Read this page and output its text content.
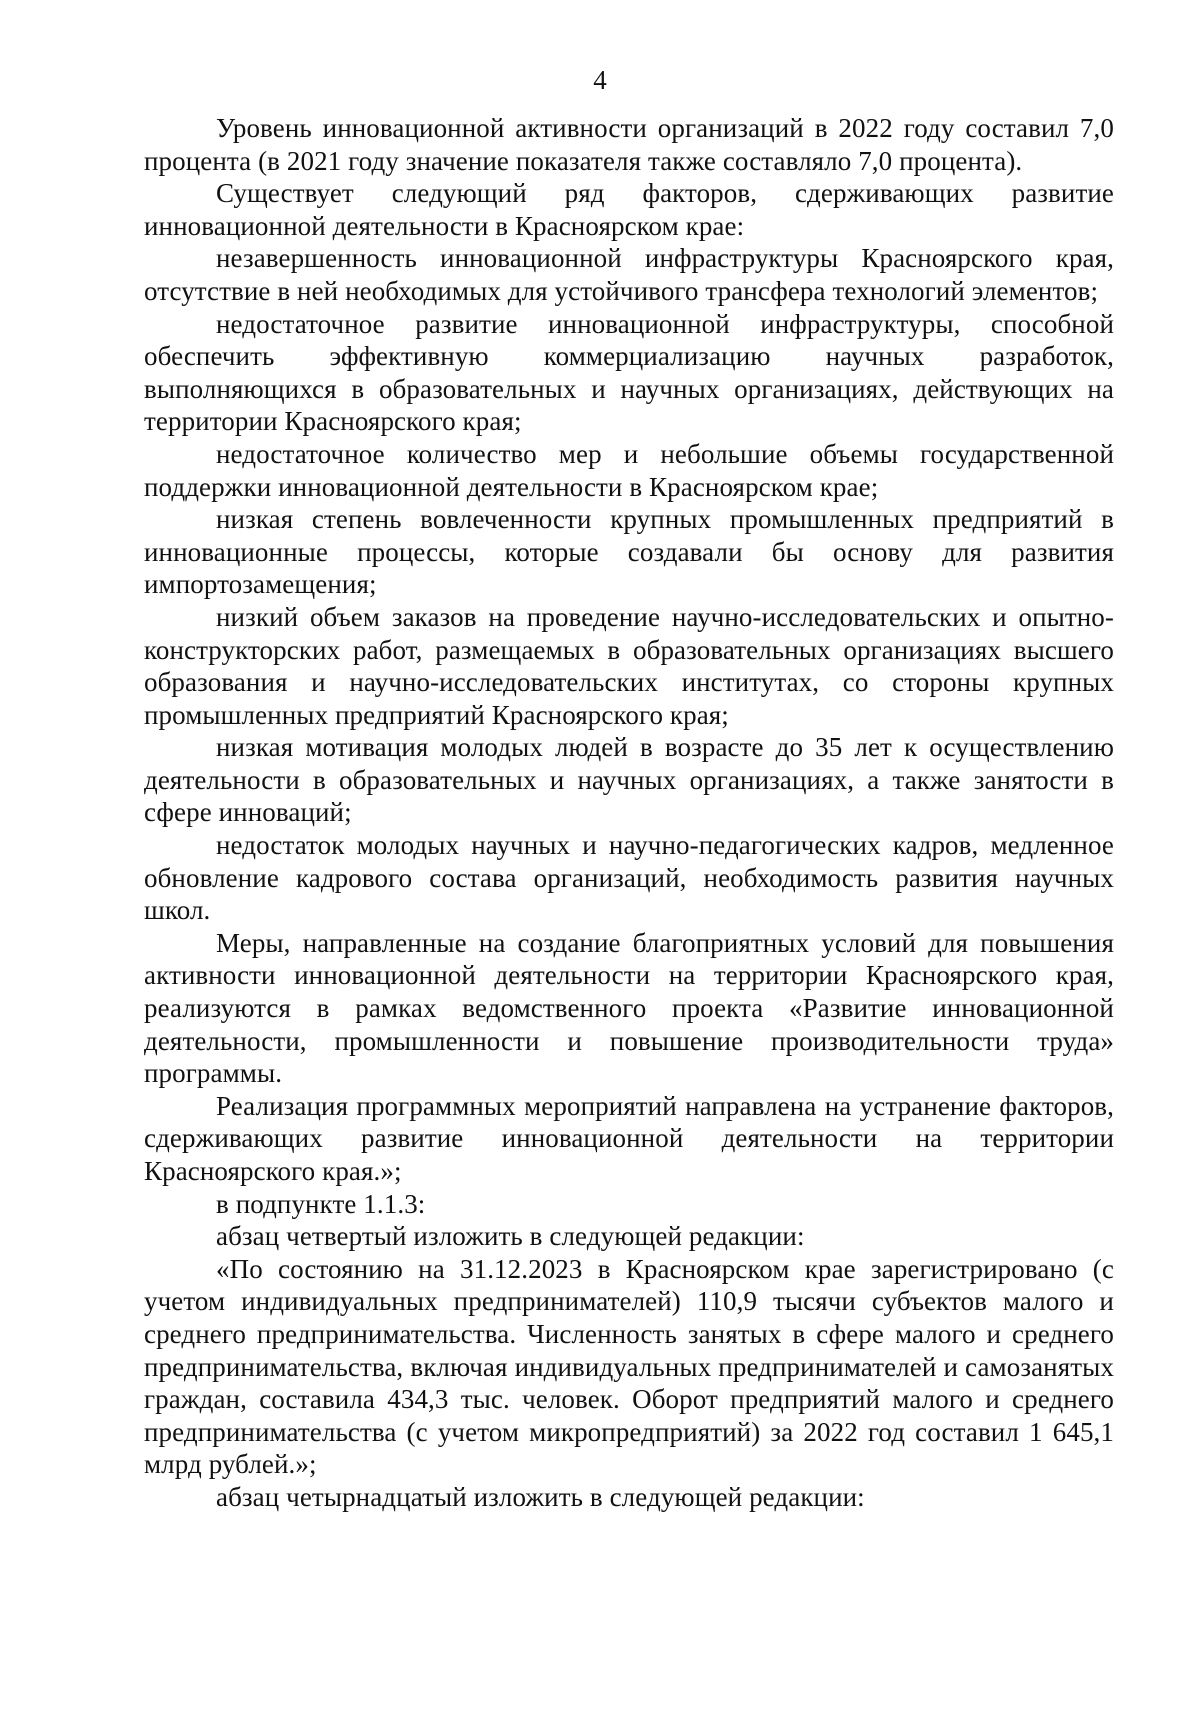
4

Уровень инновационной активности организаций в 2022 году составил 7,0 процента (в 2021 году значение показателя также составляло 7,0 процента).

Существует следующий ряд факторов, сдерживающих развитие инновационной деятельности в Красноярском крае:

незавершенность инновационной инфраструктуры Красноярского края, отсутствие в ней необходимых для устойчивого трансфера технологий элементов;

недостаточное развитие инновационной инфраструктуры, способной обеспечить эффективную коммерциализацию научных разработок, выполняющихся в образовательных и научных организациях, действующих на территории Красноярского края;

недостаточное количество мер и небольшие объемы государственной поддержки инновационной деятельности в Красноярском крае;

низкая степень вовлеченности крупных промышленных предприятий в инновационные процессы, которые создавали бы основу для развития импортозамещения;

низкий объем заказов на проведение научно-исследовательских и опытно-конструкторских работ, размещаемых в образовательных организациях высшего образования и научно-исследовательских институтах, со стороны крупных промышленных предприятий Красноярского края;

низкая мотивация молодых людей в возрасте до 35 лет к осуществлению деятельности в образовательных и научных организациях, а также занятости в сфере инноваций;

недостаток молодых научных и научно-педагогических кадров, медленное обновление кадрового состава организаций, необходимость развития научных школ.

Меры, направленные на создание благоприятных условий для повышения активности инновационной деятельности на территории Красноярского края, реализуются в рамках ведомственного проекта «Развитие инновационной деятельности, промышленности и повышение производительности труда» программы.

Реализация программных мероприятий направлена на устранение факторов, сдерживающих развитие инновационной деятельности на территории Красноярского края.»;

в подпункте 1.1.3:

абзац четвертый изложить в следующей редакции:

«По состоянию на 31.12.2023 в Красноярском крае зарегистрировано (с учетом индивидуальных предпринимателей) 110,9 тысячи субъектов малого и среднего предпринимательства. Численность занятых в сфере малого и среднего предпринимательства, включая индивидуальных предпринимателей и самозанятых граждан, составила 434,3 тыс. человек. Оборот предприятий малого и среднего предпринимательства (с учетом микропредприятий) за 2022 год составил 1 645,1 млрд рублей.»;

абзац четырнадцатый изложить в следующей редакции:
